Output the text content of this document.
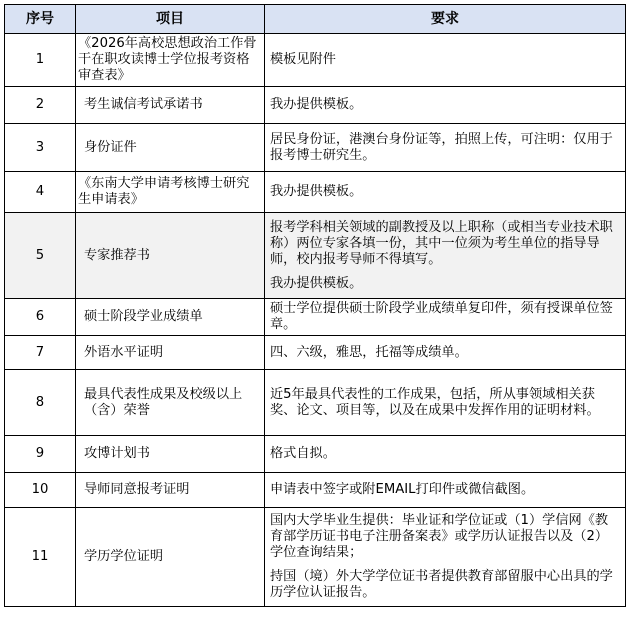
序号	项目	要求
1	《2026年高校思想政治工作骨干在职攻读博士学位报考资格审查表》	模板见附件

2	考生诚信考试承诺书	我办提供模板。

3	身份证件	居民身份证，港澳台身份证等，拍照上传，可注明：仅用于报考博士研究生。

4	《东南大学申请考核博士研究生申请表》	我办提供模板。

5	专家推荐书	报考学科相关领域的副教授及以上职称（或相当专业技术职称）两位专家各填一份，其中一位须为考生单位的指导导师，校内报考导师不得填写。
我办提供模板。

6	硕士阶段学业成绩单	硕士学位提供硕士阶段学业成绩单复印件，须有授课单位签章。

7	外语水平证明	四、六级，雅思，托福等成绩单。

8	最具代表性成果及校级以上（含）荣誉	近5年最具代表性的工作成果，包括，所从事领域相关获奖、论文、项目等，以及在成果中发挥作用的证明材料。

9	攻博计划书	格式自拟。

10	导师同意报考证明	申请表中签字或附EMAIL打印件或微信截图。

11	学历学位证明	国内大学毕业生提供：毕业证和学位证或（1）学信网《教育部学历证书电子注册备案表》或学历认证报告以及（2）学位查询结果；
持国（境）外大学学位证书者提供教育部留服中心出具的学历学位认证报告。
